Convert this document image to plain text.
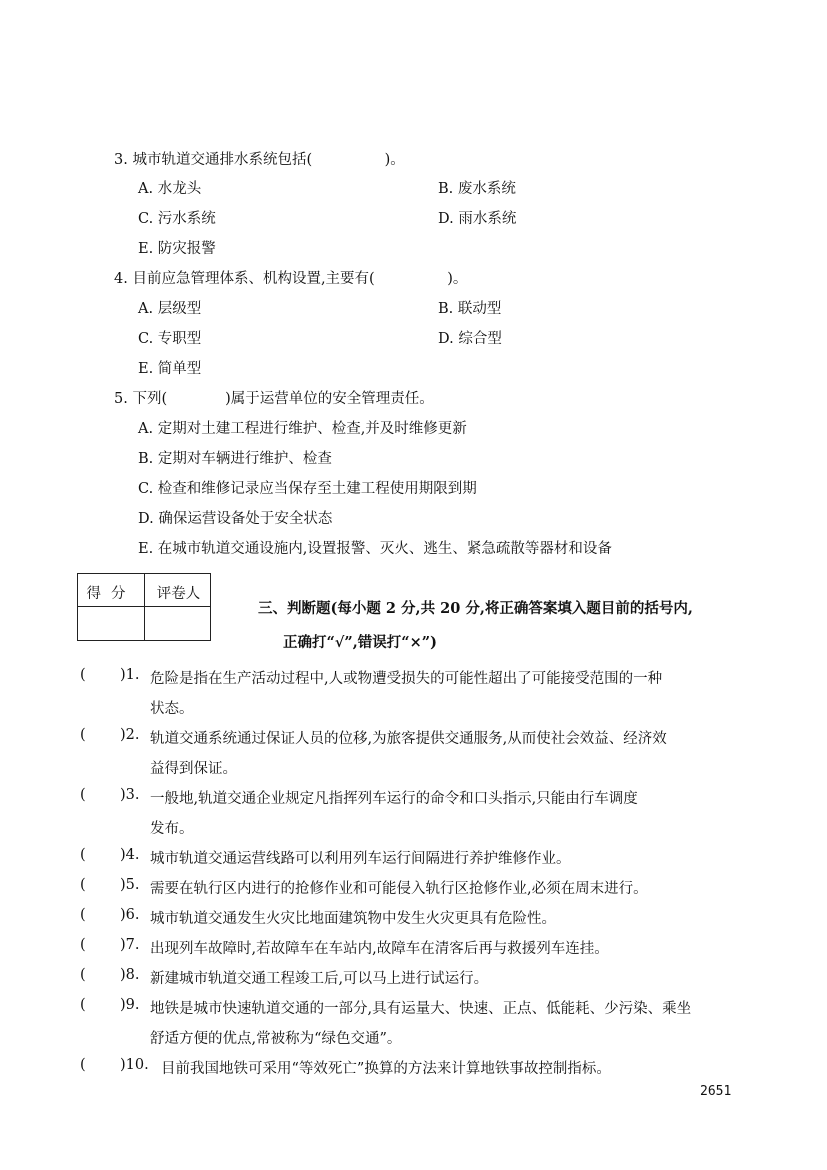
3. 城市轨道交通排水系统包括(　　　　　)。
A. 水龙头	B. 废水系统
C. 污水系统	D. 雨水系统
E. 防灾报警
4. 目前应急管理体系、机构设置,主要有(　　　　　)。
A. 层级型	B. 联动型
C. 专职型	D. 综合型
E. 简单型
5. 下列(　　　　)属于运营单位的安全管理责任。
A. 定期对土建工程进行维护、检查,并及时维修更新
B. 定期对车辆进行维护、检查
C. 检查和维修记录应当保存至土建工程使用期限到期
D. 确保运营设备处于安全状态
E. 在城市轨道交通设施内,设置报警、灭火、逃生、紧急疏散等器材和设备
得分	评卷人
三、判断题(每小题 2 分,共 20 分,将正确答案填入题目前的括号内,
正确打“√”,错误打“×”)
( )1. 危险是指在生产活动过程中,人或物遭受损失的可能性超出了可能接受范围的一种
状态。
( )2. 轨道交通系统通过保证人员的位移,为旅客提供交通服务,从而使社会效益、经济效
益得到保证。
( )3. 一般地,轨道交通企业规定凡指挥列车运行的命令和口头指示,只能由行车调度
发布。
( )4. 城市轨道交通运营线路可以利用列车运行间隔进行养护维修作业。
( )5. 需要在轨行区内进行的抢修作业和可能侵入轨行区抢修作业,必须在周末进行。
( )6. 城市轨道交通发生火灾比地面建筑物中发生火灾更具有危险性。
( )7. 出现列车故障时,若故障车在车站内,故障车在清客后再与救援列车连挂。
( )8. 新建城市轨道交通工程竣工后,可以马上进行试运行。
( )9. 地铁是城市快速轨道交通的一部分,具有运量大、快速、正点、低能耗、少污染、乘坐
舒适方便的优点,常被称为“绿色交通”。
( )10. 目前我国地铁可采用“等效死亡”换算的方法来计算地铁事故控制指标。
2651
